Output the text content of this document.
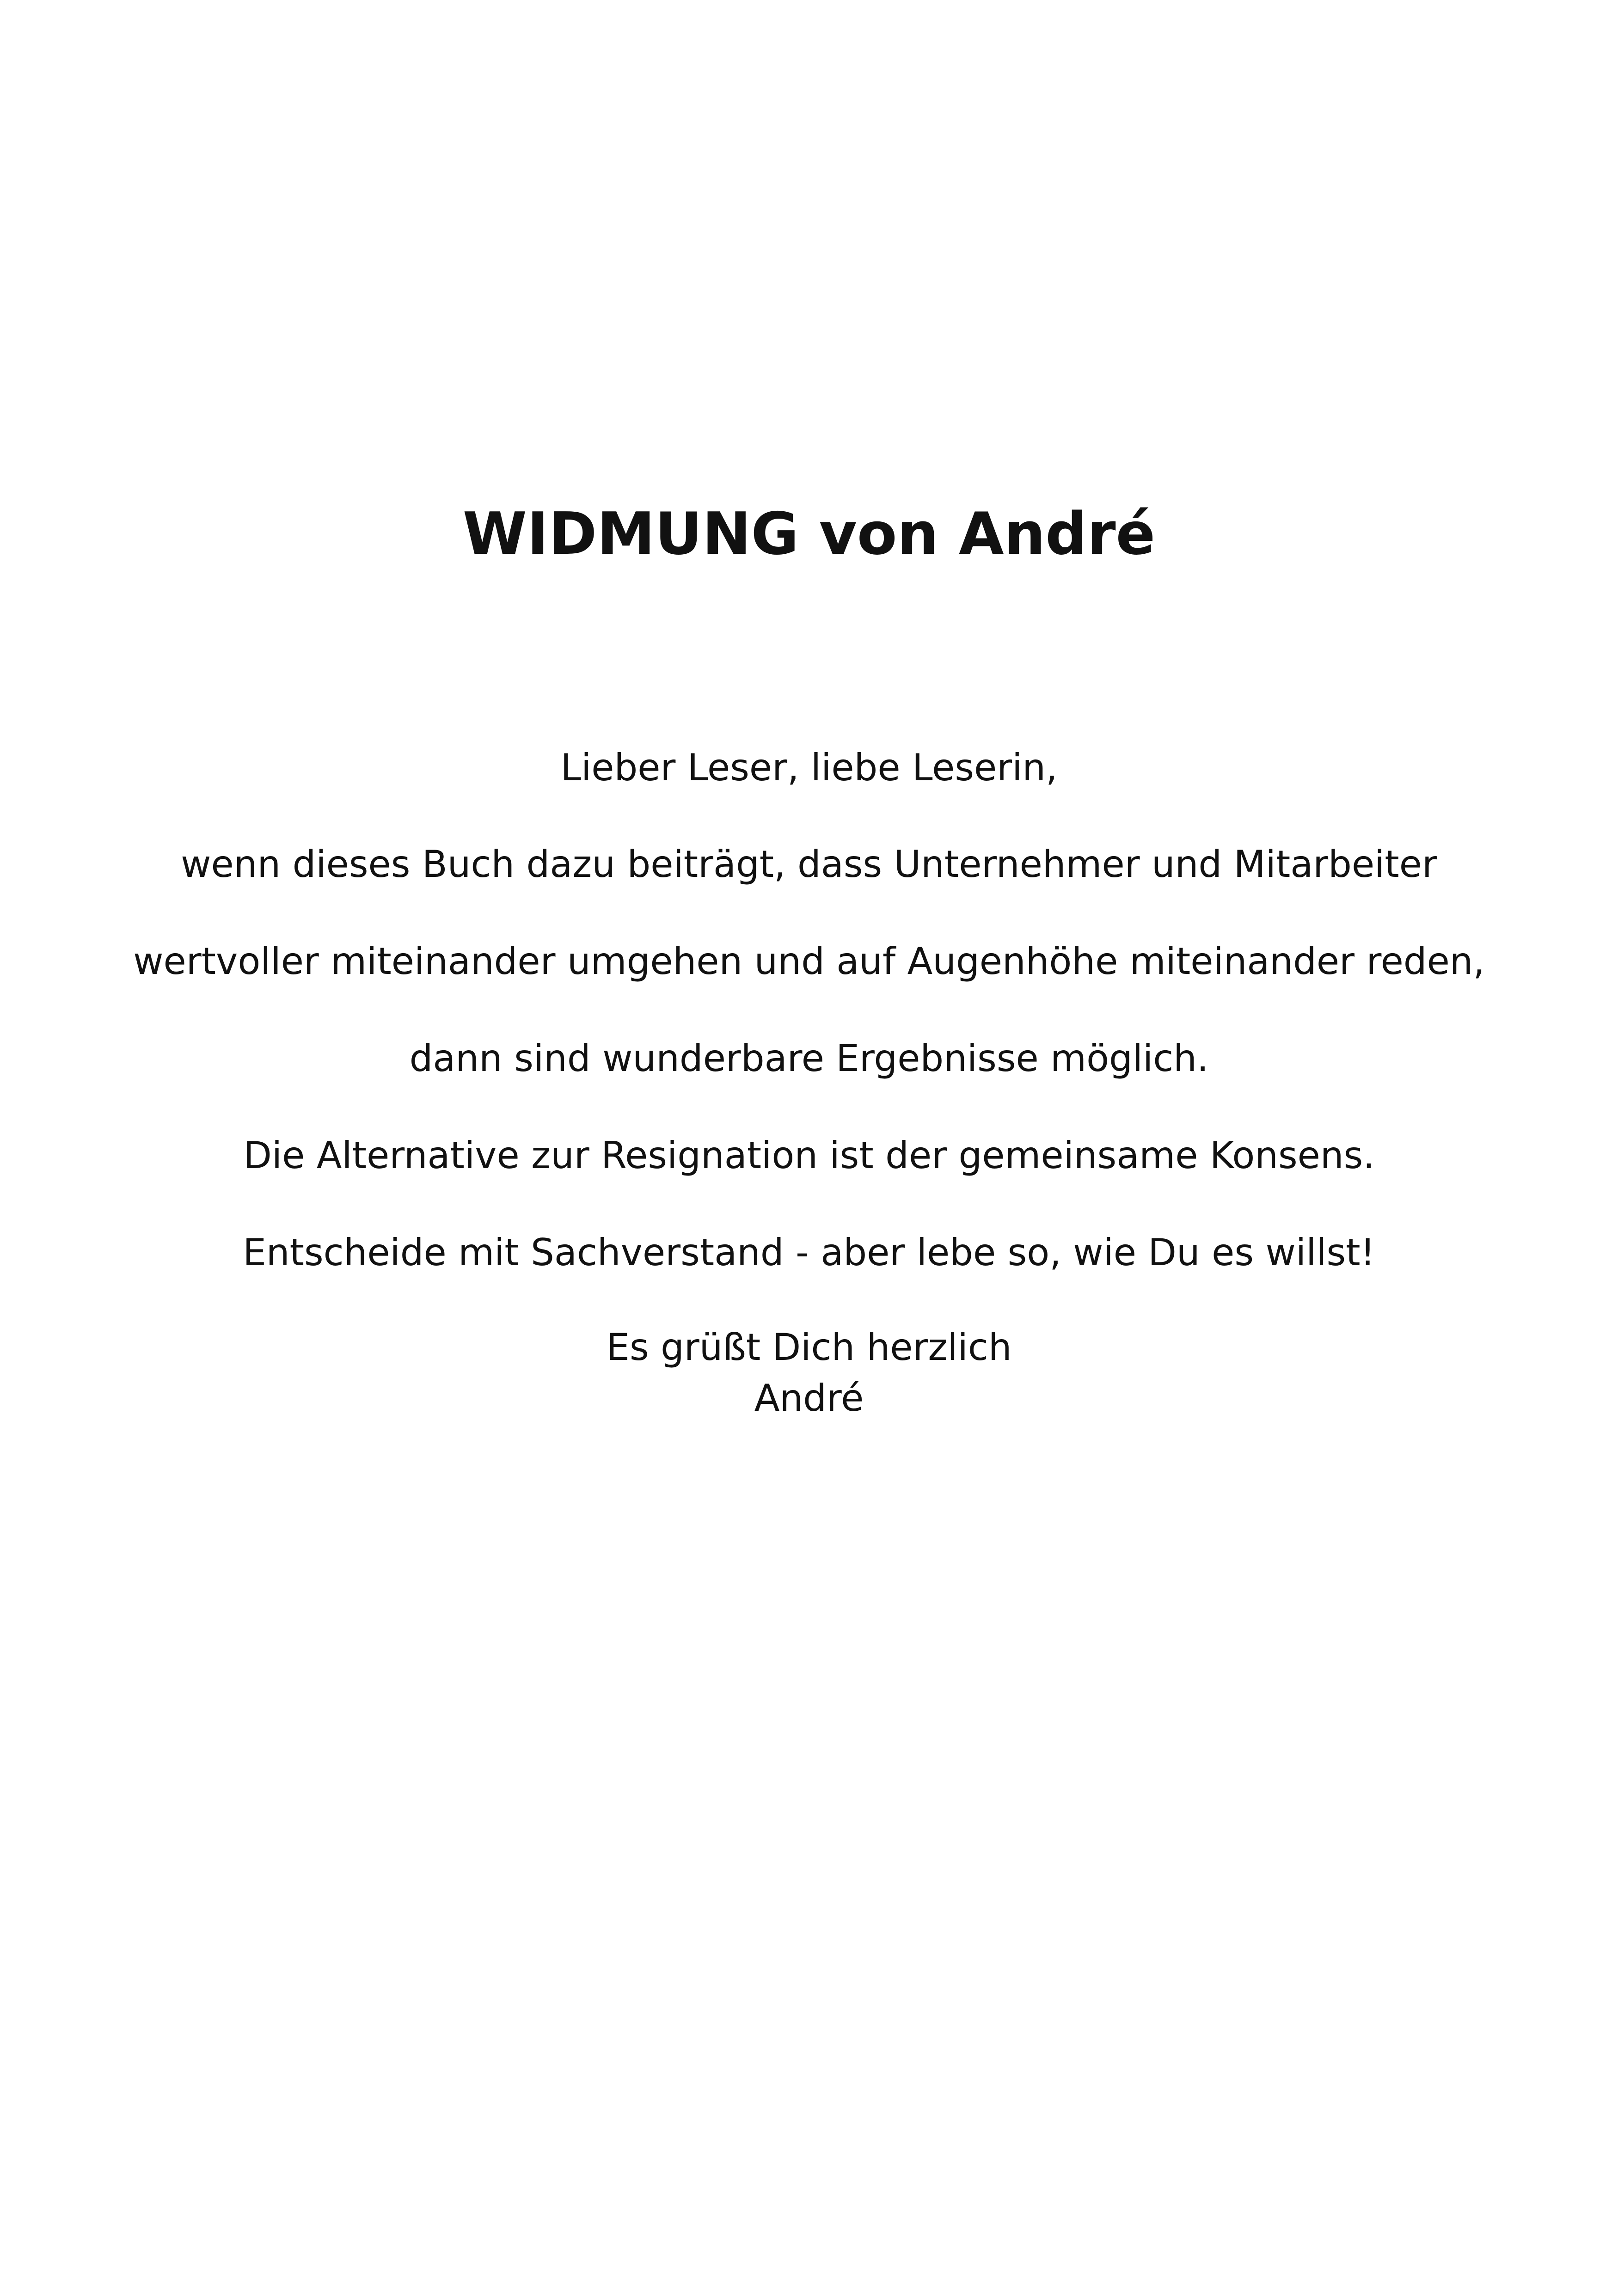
WIDMUNG von André

Lieber Leser, liebe Leserin,

wenn dieses Buch dazu beiträgt, dass Unternehmer und Mitarbeiter

wertvoller miteinander umgehen und auf Augenhöhe miteinander reden,

dann sind wunderbare Ergebnisse möglich.

Die Alternative zur Resignation ist der gemeinsame Konsens.

Entscheide mit Sachverstand - aber lebe so, wie Du es willst!

Es grüßt Dich herzlich

André
